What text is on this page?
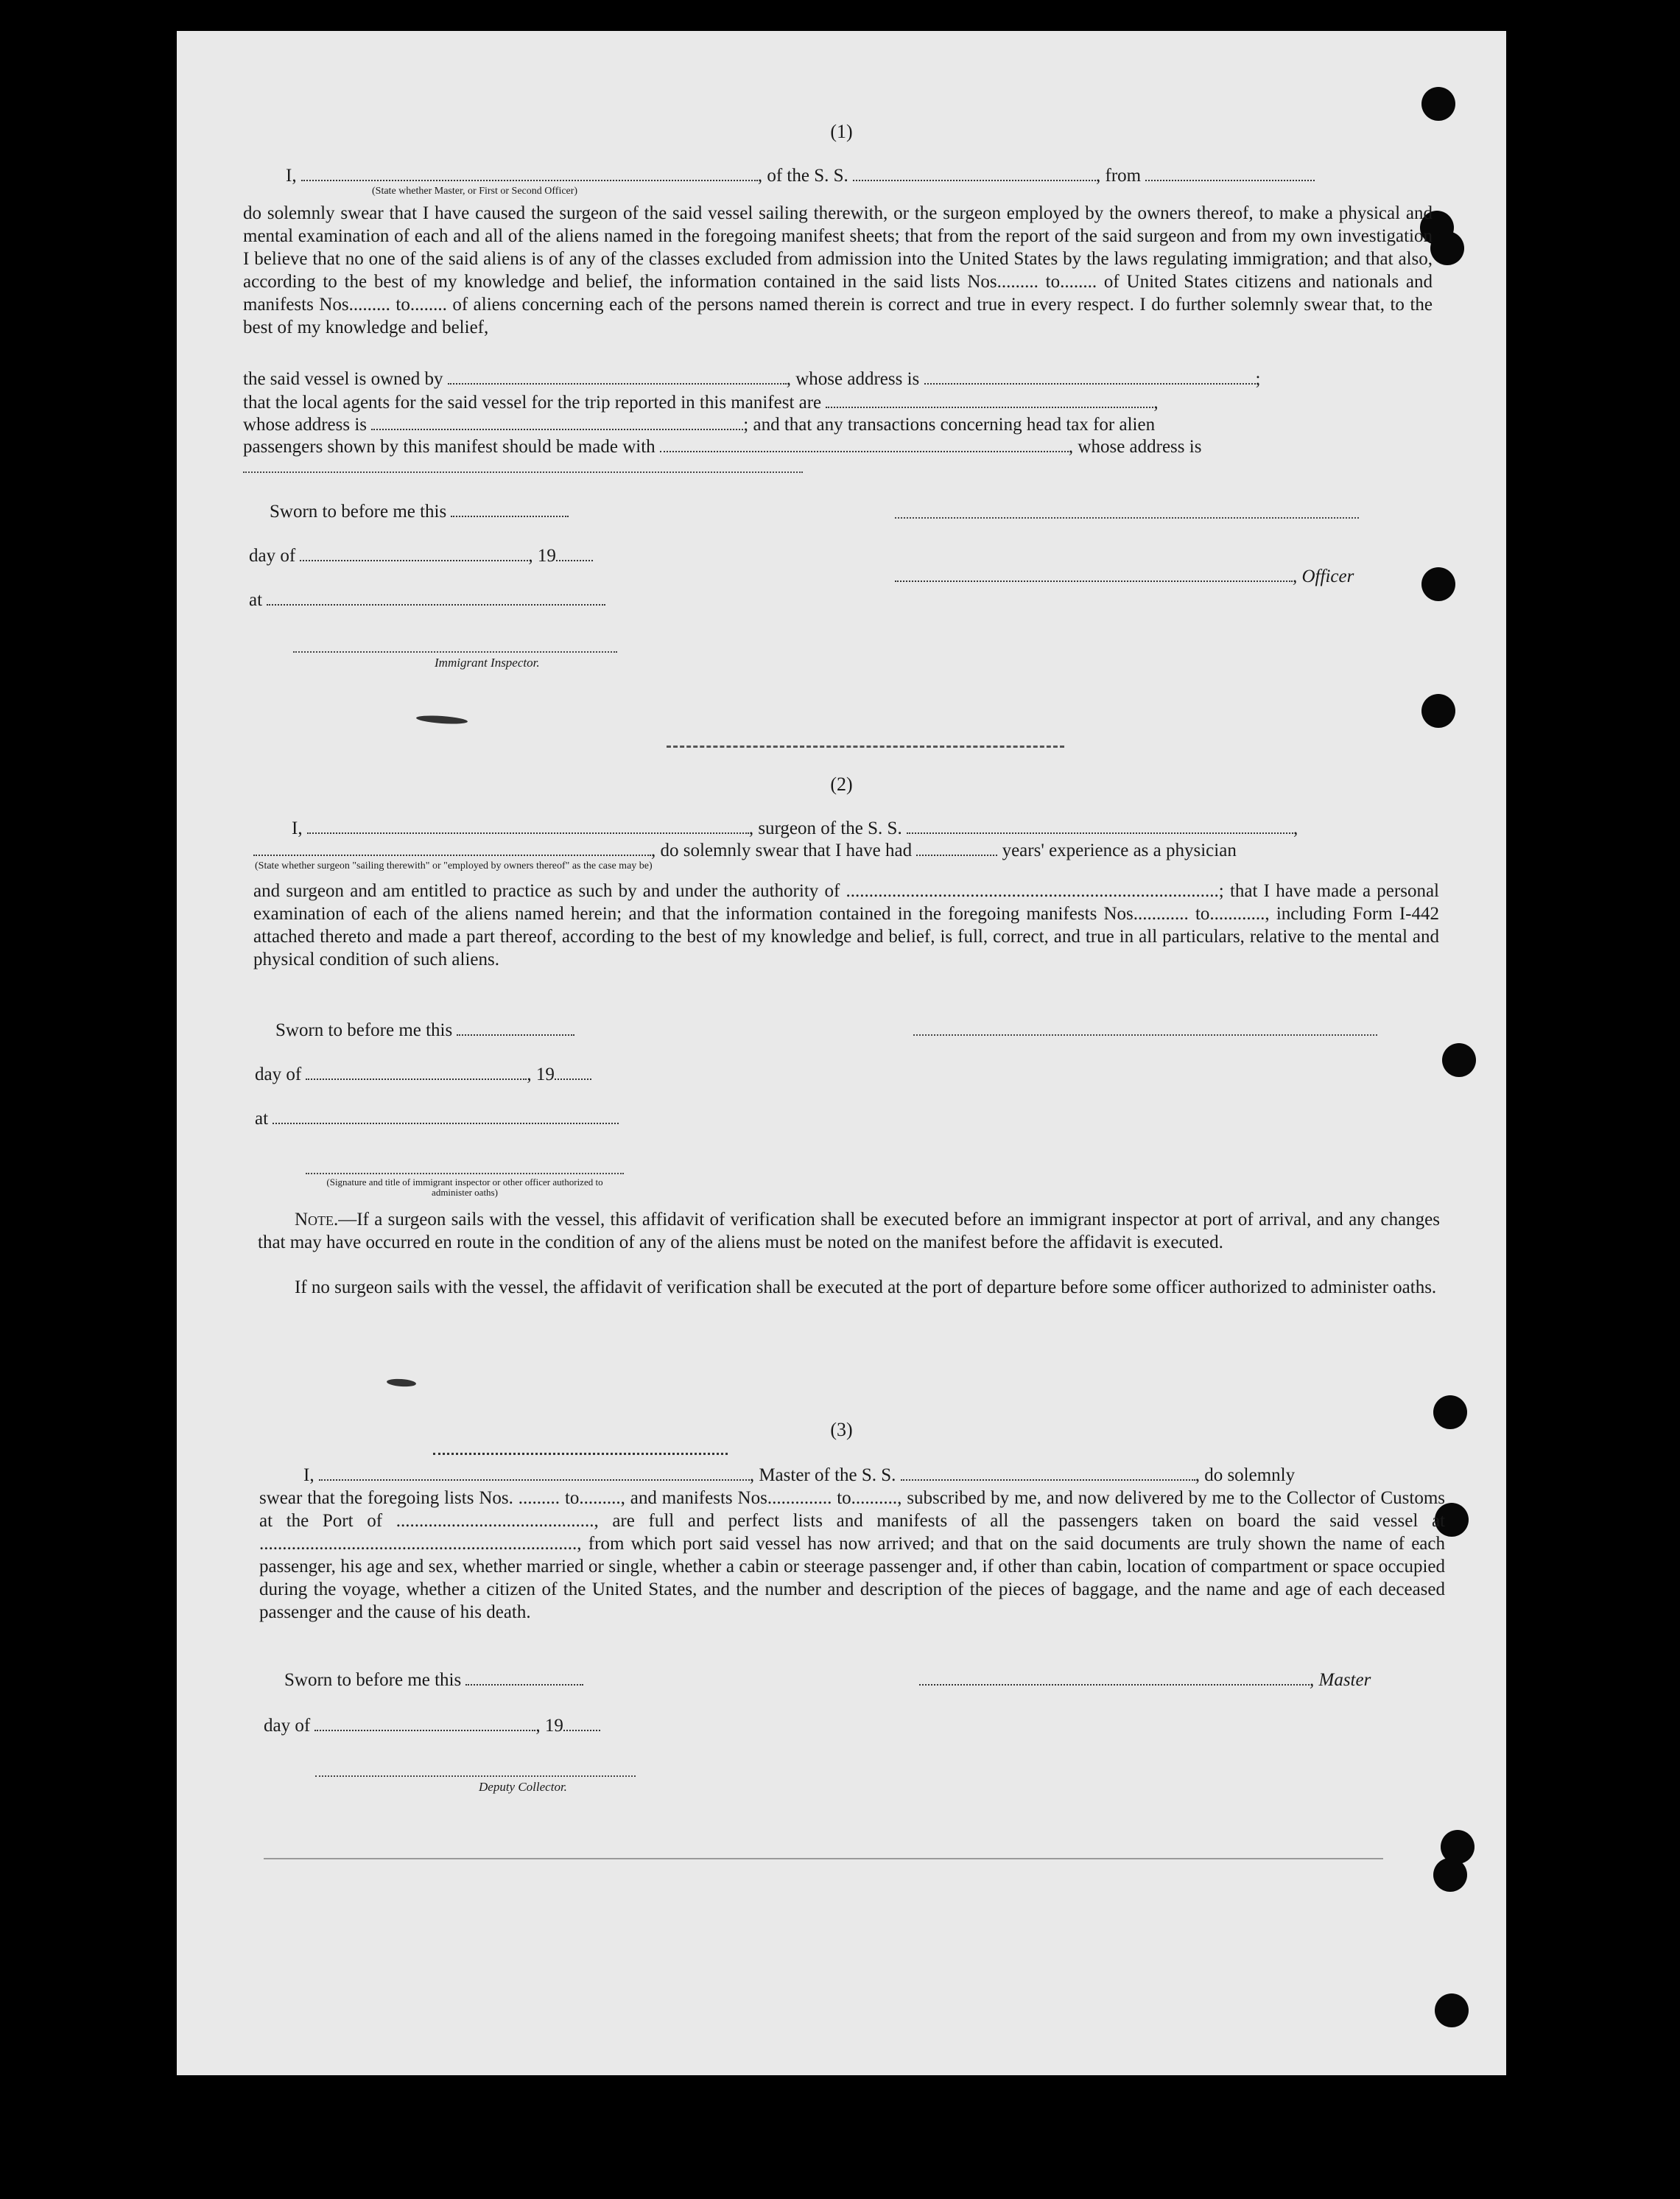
(1)
I,	, of the S. S.	, from
(State whether Master, or First or Second Officer)
do solemnly swear that I have caused the surgeon of the said vessel sailing therewith, or the surgeon employed by the owners thereof, to make a physical and mental examination of each and all of the aliens named in the foregoing manifest sheets; that from the report of the said surgeon and from my own investigation I believe that no one of the said aliens is of any of the classes excluded from admission into the United States by the laws regulating immigration; and that also, according to the best of my knowledge and belief, the information contained in the said lists Nos......... to........ of United States citizens and nationals and manifests Nos......... to........ of aliens concerning each of the persons named therein is correct and true in every respect. I do further solemnly swear that, to the best of my knowledge and belief,
the said vessel is owned by	, whose address is	;
that the local agents for the said vessel for the trip reported in this manifest are	,
whose address is	; and that any transactions concerning head tax for alien
passengers shown by this manifest should be made with	, whose address is
Sworn to before me this
day of	, 19
at
Immigrant Inspector.
, Officer
(2)
I,	, surgeon of the S. S.	,
, do solemnly swear that I have had	years' experience as a physician
(State whether surgeon "sailing therewith" or "employed by owners thereof" as the case may be)
and surgeon and am entitled to practice as such by and under the authority of .................................................................................; that I have made a personal examination of each of the aliens named herein; and that the information contained in the foregoing manifests Nos............ to............, including Form I-442 attached thereto and made a part thereof, according to the best of my knowledge and belief, is full, correct, and true in all particulars, relative to the mental and physical condition of such aliens.
Sworn to before me this
day of	, 19
at
(Signature and title of immigrant inspector or other officer authorized to administer oaths)
Note.—If a surgeon sails with the vessel, this affidavit of verification shall be executed before an immigrant inspector at port of arrival, and any changes that may have occurred en route in the condition of any of the aliens must be noted on the manifest before the affidavit is executed.
If no surgeon sails with the vessel, the affidavit of verification shall be executed at the port of departure before some officer authorized to administer oaths.
(3)
I,	, Master of the S. S.	, do solemnly
swear that the foregoing lists Nos. ......... to........., and manifests Nos.............. to.........., subscribed by me, and now delivered by me to the Collector of Customs at the Port of ..........................................., are full and perfect lists and manifests of all the passengers taken on board the said vessel at ....................................................................., from which port said vessel has now arrived; and that on the said documents are truly shown the name of each passenger, his age and sex, whether married or single, whether a cabin or steerage passenger and, if other than cabin, location of compartment or space occupied during the voyage, whether a citizen of the United States, and the number and description of the pieces of baggage, and the name and age of each deceased passenger and the cause of his death.
Sworn to before me this
day of	, 19
Deputy Collector.
, Master
